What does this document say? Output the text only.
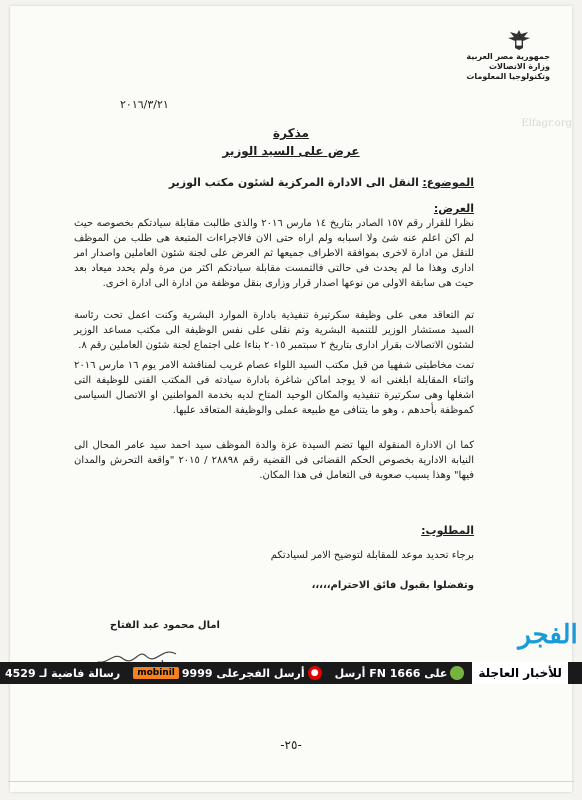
جمهورية مصر العربية
وزارة الاتصالات
وتكنولوجيا المعلومات
٢٠١٦/٣/٢١
Elfagr.org
مذكرة
عرض على السيد الوزير
الموضوع: النقل الى الادارة المركزية لشئون مكتب الوزير
العرض:
نظرا للقرار رقم ١٥٧ الصادر بتاريخ ١٤ مارس ٢٠١٦ والذى طالبت مقابلة سيادتكم بخصوصه حيث لم اكن اعلم عنه شئ ولا اسبابه ولم اراه حتى الان فالاجراءات المتبعة هى طلب من الموظف للنقل من ادارة لاخرى بموافقة الاطراف جميعها ثم العرض على لجنة شئون العاملين واصدار امر ادارى وهذا ما لم يحدث فى حالتى فالتمست مقابلة سيادتكم اكثر من مرة ولم يحدد ميعاد بعد حيث هى سابقة الاولى من نوعها اصدار قرار وزارى بنقل موظفة من ادارة الى ادارة اخرى.
تم التعاقد معى على وظيفة سكرتيرة تنفيذية بادارة الموارد البشرية وكنت اعمل تحت رئاسة السيد مستشار الوزير للتنمية البشرية وتم نقلى على نفس الوظيفة الى مكتب مساعد الوزير لشئون الاتصالات بقرار ادارى بتاريخ ٢ سبتمبر ٢٠١٥ بناءا على اجتماع لجنة شئون العاملين رقم ٨.
تمت مخاطبتى شفهيا من قبل مكتب السيد اللواء عصام غريب لمناقشة الامر يوم ١٦ مارس ٢٠١٦ واثناء المقابلة ابلغنى انه لا يوجد اماكن شاغرة بادارة سيادته فى المكتب الفنى للوظيفة التى اشغلها وهى سكرتيرة تنفيذيه والمكان الوحيد المتاح لديه بخدمة المواطنين او الاتصال السياسى كموظفة بأحدهم ، وهو ما يتنافى مع طبيعة عملى والوظيفة المتعاقد عليها.
كما ان الادارة المنقولة اليها تضم السيدة عزة والدة الموظف سيد احمد سيد عامر المحال الى النيابة الادارية بخصوص الحكم القضائى فى القضية رقم ٢٨٨٩٨ / ٢٠١٥ "واقعة التحرش والمدان فيها" وهذا يسبب صعوبة فى التعامل فى هذا المكان.
المطلوب:
برجاء تحديد موعد للمقابلة لتوضيح الامر لسيادتكم
وتفضلوا بقبول فائق الاحترام،،،،،
امال محمود عبد الفتاح
-٢٥-
رسالة فاضية لـ 4529	mobinil أرسل الفجرعلى 9999 ● أرسل FN على 1666	للأخبار العاجلة
الفجر
